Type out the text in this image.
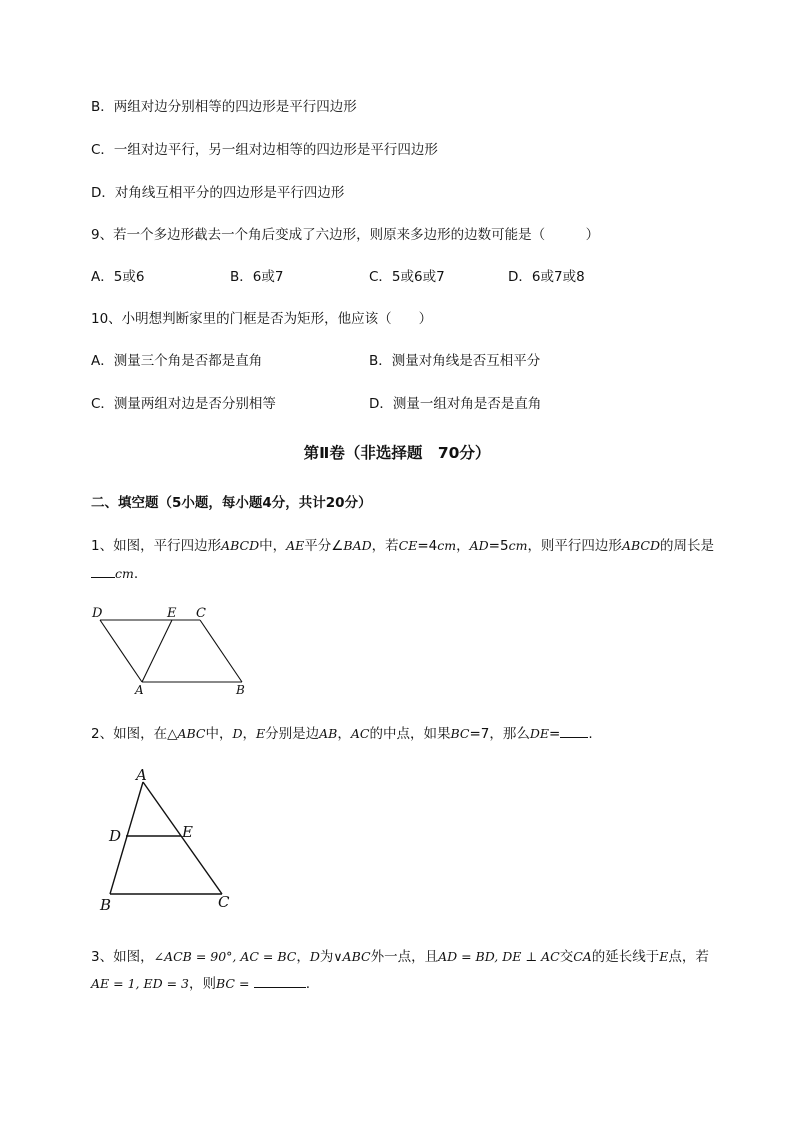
B．两组对边分别相等的四边形是平行四边形
C．一组对边平行，另一组对边相等的四边形是平行四边形
D．对角线互相平分的四边形是平行四边形
9、若一个多边形截去一个角后变成了六边形，则原来多边形的边数可能是（　　　）
A．5或6	B．6或7	C．5或6或7	D．6或7或8
10、小明想判断家里的门框是否为矩形，他应该（　　）
A．测量三个角是否都是直角	B．测量对角线是否互相平分
C．测量两组对边是否分别相等	D．测量一组对角是否是直角
第Ⅱ卷（非选择题　70分）
二、填空题（5小题，每小题4分，共计20分）
1、如图，平行四边形ABCD中，AE平分∠BAD，若CE=4cm，AD=5cm，则平行四边形ABCD的周长是
cm.
D	E C
A	B
2、如图，在△ABC中，D，E分别是边AB，AC的中点，如果BC=7，那么DE= .
A
D	E
B	C
3、如图，∠ACB = 90°, AC = BC，D为∨ABC外一点，且AD = BD, DE ⊥ AC交CA的延长线于E点，若
AE = 1, ED = 3，则BC =	.
